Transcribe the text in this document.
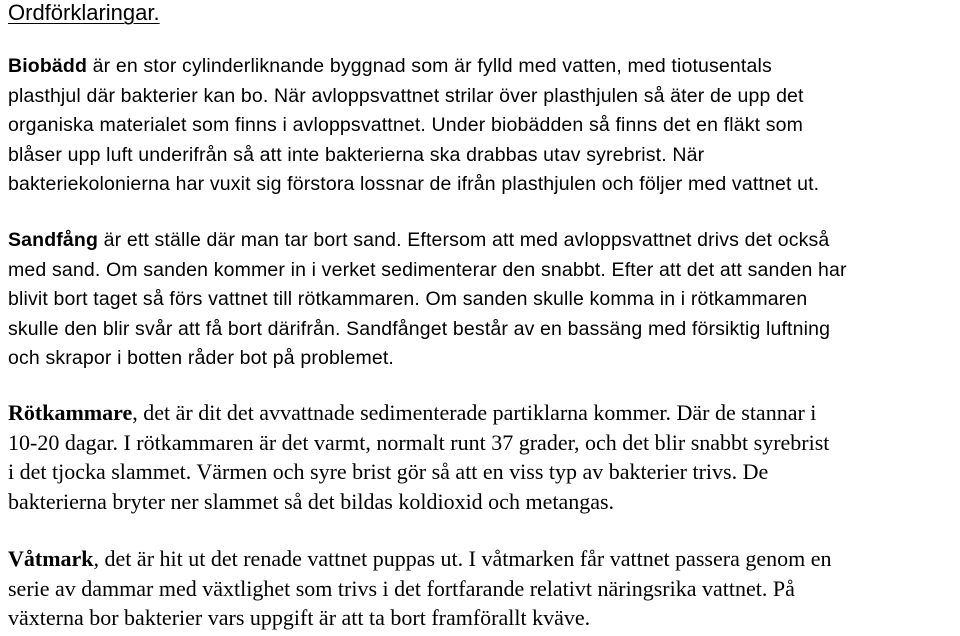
Ordförklaringar.
Biobädd är en stor cylinderliknande byggnad som är fylld med vatten, med tiotusentals
plasthjul där bakterier kan bo. När avloppsvattnet strilar över plasthjulen så äter de upp det
organiska materialet som finns i avloppsvattnet. Under biobädden så finns det en fläkt som
blåser upp luft underifrån så att inte bakterierna ska drabbas utav syrebrist. När
bakteriekolonierna har vuxit sig förstora lossnar de ifrån plasthjulen och följer med vattnet ut.
Sandfång är ett ställe där man tar bort sand. Eftersom att med avloppsvattnet drivs det också
med sand. Om sanden kommer in i verket sedimenterar den snabbt. Efter att det att sanden har
blivit bort taget så förs vattnet till rötkammaren. Om sanden skulle komma in i rötkammaren
skulle den blir svår att få bort därifrån. Sandfånget består av en bassäng med försiktig luftning
och skrapor i botten råder bot på problemet.
Rötkammare, det är dit det avvattnade sedimenterade partiklarna kommer. Där de stannar i
10-20 dagar. I rötkammaren är det varmt, normalt runt 37 grader, och det blir snabbt syrebrist
i det tjocka slammet. Värmen och syre brist gör så att en viss typ av bakterier trivs. De
bakterierna bryter ner slammet så det bildas koldioxid och metangas.
Våtmark, det är hit ut det renade vattnet puppas ut. I våtmarken får vattnet passera genom en
serie av dammar med växtlighet som trivs i det fortfarande relativt näringsrika vattnet. På
växterna bor bakterier vars uppgift är att ta bort framförallt kväve.
